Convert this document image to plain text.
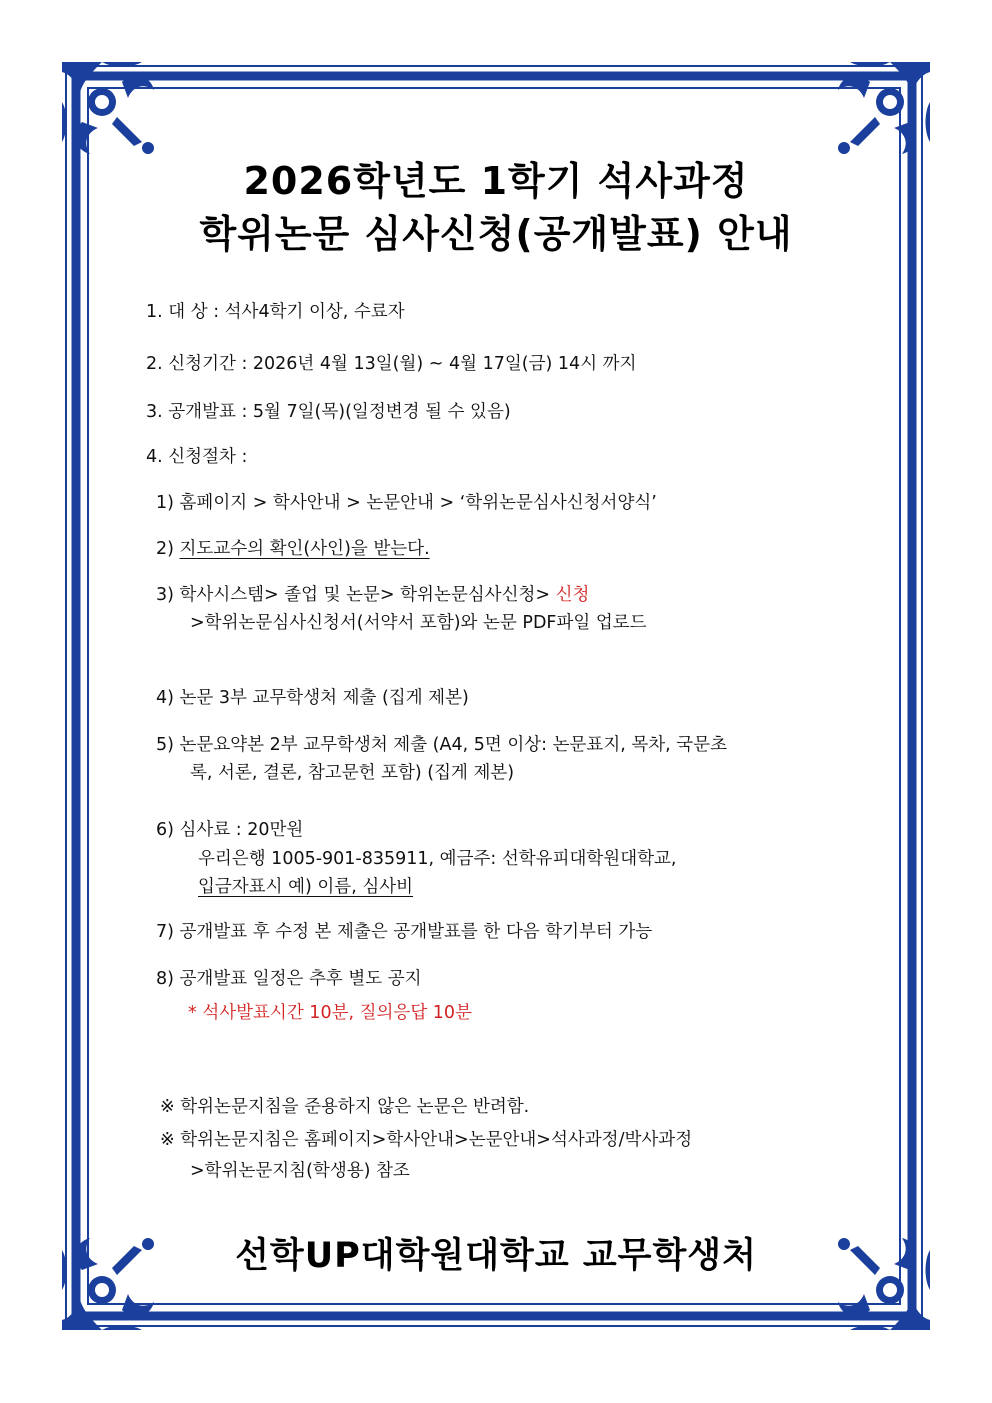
2026학년도 1학기 석사과정
학위논문 심사신청(공개발표) 안내
1. 대 상 : 석사4학기 이상, 수료자
2. 신청기간 : 2026년 4월 13일(월) ~ 4월 17일(금) 14시 까지
3. 공개발표 : 5월 7일(목)(일정변경 될 수 있음)
4. 신청절차 :
1) 홈페이지 > 학사안내 > 논문안내 > ‘학위논문심사신청서양식’
2) 지도교수의 확인(사인)을 받는다.
3) 학사시스템> 졸업 및 논문> 학위논문심사신청> 신청
>학위논문심사신청서(서약서 포함)와 논문 PDF파일 업로드
4) 논문 3부 교무학생처 제출 (집게 제본)
5) 논문요약본 2부 교무학생처 제출 (A4, 5면 이상: 논문표지, 목차, 국문초
록, 서론, 결론, 참고문헌 포함) (집게 제본)
6) 심사료 : 20만원
우리은행 1005-901-835911, 예금주: 선학유피대학원대학교,
입금자표시 예) 이름, 심사비
7) 공개발표 후 수정 본 제출은 공개발표를 한 다음 학기부터 가능
8) 공개발표 일정은 추후 별도 공지
* 석사발표시간 10분, 질의응답 10분
※ 학위논문지침을 준용하지 않은 논문은 반려함.
※ 학위논문지침은 홈페이지>학사안내>논문안내>석사과정/박사과정
>학위논문지침(학생용) 참조
선학UP대학원대학교 교무학생처
